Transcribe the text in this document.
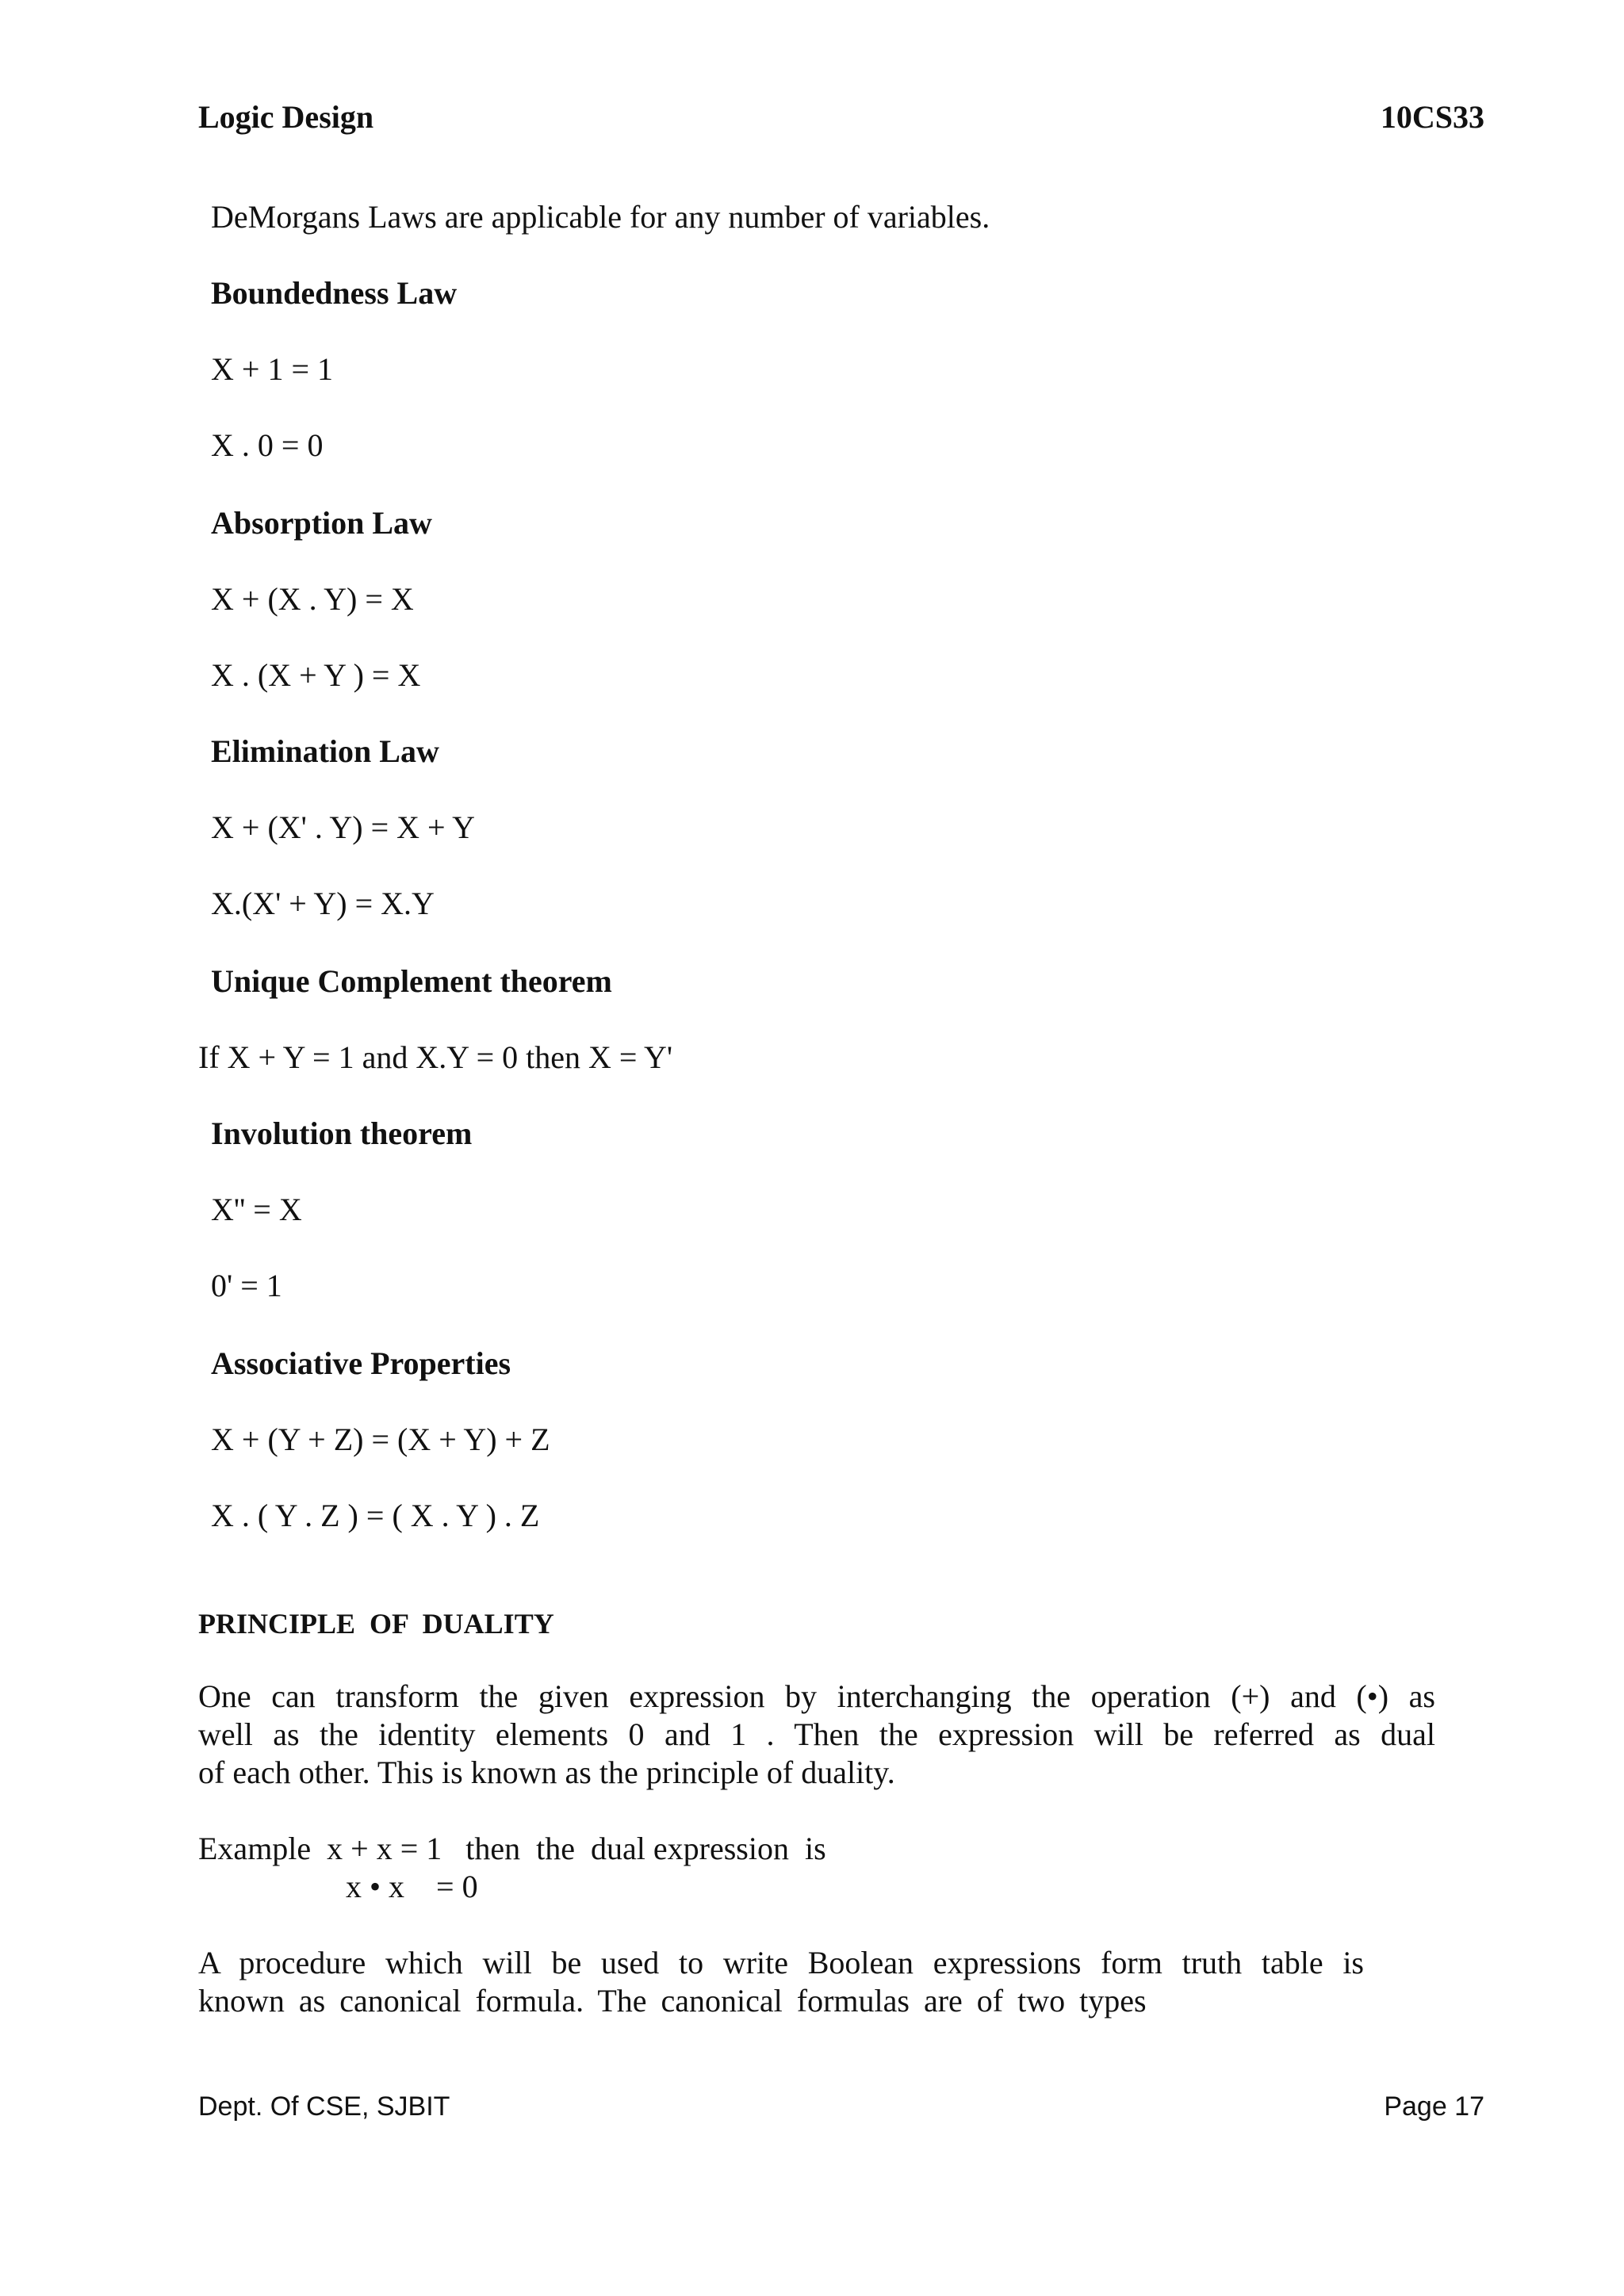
Logic Design	10CS33
DeMorgans Laws are applicable for any number of variables.
Boundedness Law
X + 1 = 1
X . 0 = 0
Absorption Law
X + (X . Y) = X
X . (X + Y ) = X
Elimination Law
X + (X' . Y) = X + Y
X.(X' + Y) = X.Y
Unique Complement theorem
If X + Y = 1 and X.Y = 0 then X = Y'
Involution theorem
X'' = X
0' = 1
Associative Properties
X + (Y + Z) = (X + Y) + Z
X . ( Y . Z ) = ( X . Y ) . Z
PRINCIPLE  OF  DUALITY
One can transform the given expression by interchanging the operation (+) and (•) as
well as the identity elements 0 and 1 . Then the expression will be referred as dual
of each other. This is known as the principle of duality.
Example  x + x = 1   then  the  dual expression  is
x • x    = 0
A procedure which will be used to write Boolean expressions form truth table is
known as canonical formula. The canonical formulas are of two types
Dept. Of CSE, SJBIT	Page 17
